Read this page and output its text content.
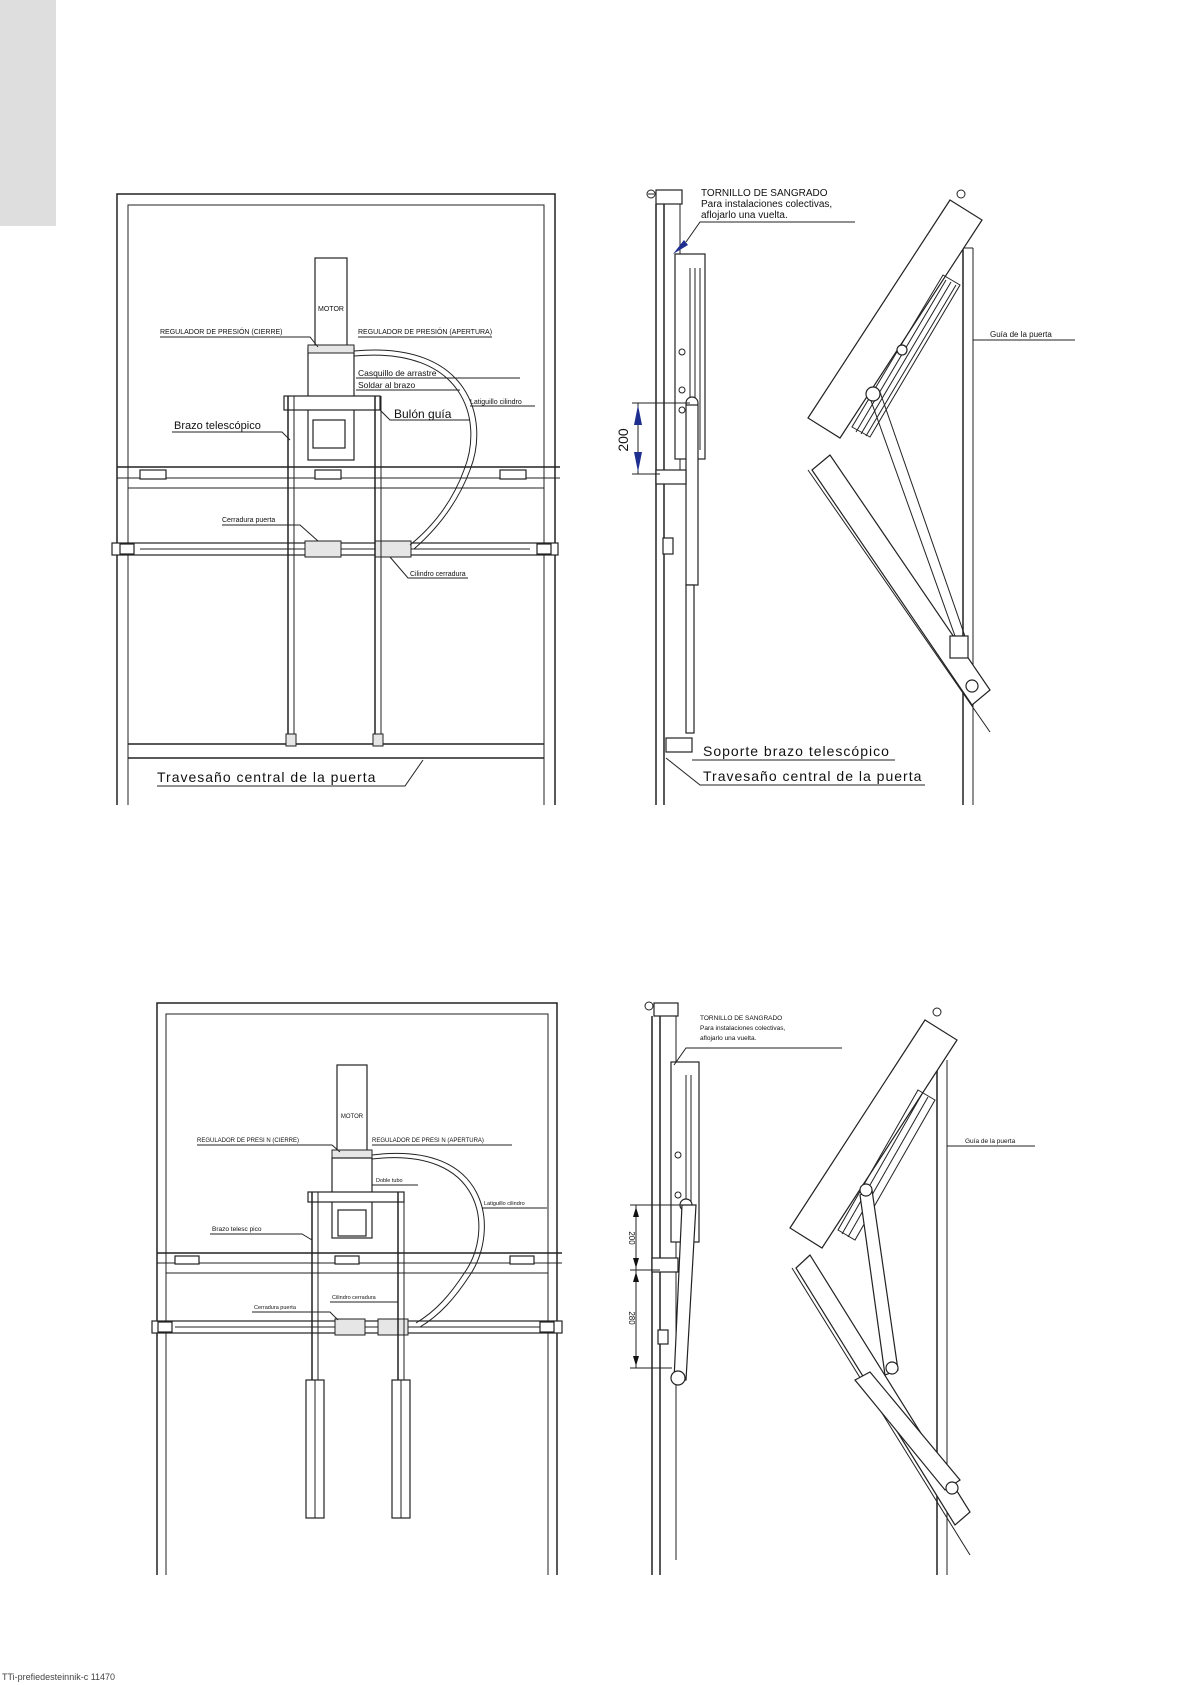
MOTOR
REGULADOR DE PRESIÓN (CIERRE)	REGULADOR DE PRESIÓN (APERTURA)
Casquillo de arrastre
Soldar al brazo
Bulón guía
Latiguillo cilindro
Brazo telescópico
Cerradura puerta
Cilindro cerradura
Travesaño central de la puerta
200
TORNILLO DE SANGRADO
Para instalaciones colectivas,
aflojarlo una vuelta.
Guía de la puerta
Soporte brazo telescópico
Travesaño central de la puerta
MOTOR
REGULADOR DE PRESI N (CIERRE)	REGULADOR DE PRESI N (APERTURA)
Doble tubo
Latiguillo cilindro
Brazo telesc pico
Cerradura puerta
Cilindro cerradura
200
280
TORNILLO DE SANGRADO
Para instalaciones colectivas,
aflojarlo una vuelta.
Guía de la puerta
TTi-prefiedesteinnik-c 11470
